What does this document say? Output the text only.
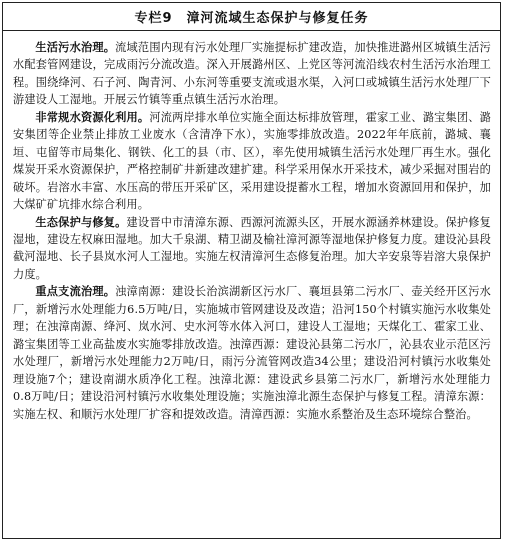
专栏9 漳河流域生态保护与修复任务

生活污水治理。流域范围内现有污水处理厂实施提标扩建改造，加快推进潞州区城镇生活污水配套管网建设，完成雨污分流改造。深入开展潞州区、上党区等河流沿线农村生活污水治理工程。围绕绛河、石子河、陶青河、小东河等重要支流或退水渠，入河口或城镇生活污水处理厂下游建设人工湿地。开展云竹镇等重点镇生活污水治理。

非常规水资源化利用。河流两岸排水单位实施全面达标排放管理，霍家工业、潞宝集团、潞安集团等企业禁止排放工业废水（含清净下水），实施零排放改造。2022年年底前，潞城、襄垣、屯留等市局集化、钢铁、化工的县（市、区），率先使用城镇生活污水处理厂再生水。强化煤炭开采水资源保护，严格控制矿井新建改建扩建。科学采用保水开采技术，减少采掘对围岩的破坏。岩溶水丰富、水压高的带压开采矿区，采用建设提蓄水工程，增加水资源回用和保护，加大煤矿矿坑排水综合利用。

生态保护与修复。建设晋中市清漳东源、西源河流源头区，开展水源涵养林建设。保护修复湿地，建设左权麻田湿地。加大千泉湖、精卫湖及榆社漳河源等湿地保护修复力度。建设沁县段截河湿地、长子县岚水河人工湿地。实施左权清漳河生态修复治理。加大辛安泉等岩溶大泉保护力度。

重点支流治理。浊漳南源：建设长治滨湖新区污水厂、襄垣县第二污水厂、壶关经开区污水厂，新增污水处理能力6.5万吨/日，实施城市管网建设及改造；沿河150个村镇实施污水收集处理；在浊漳南源、绛河、岚水河、史水河等水体入河口，建设人工湿地；天煤化工、霍家工业、潞宝集团等工业高盐废水实施零排放改造。浊漳西源：建设沁县第二污水厂，沁县农业示范区污水处理厂，新增污水处理能力2万吨/日，雨污分流管网改造34公里；建设沿河村镇污水收集处理设施7个；建设南湖水质净化工程。浊漳北源：建设武乡县第二污水厂，新增污水处理能力0.8万吨/日；建设沿河村镇污水收集处理设施；实施浊漳北源生态保护与修复工程。清漳东源：实施左权、和顺污水处理厂扩容和提效改造。清漳西源：实施水系整治及生态环境综合整治。
